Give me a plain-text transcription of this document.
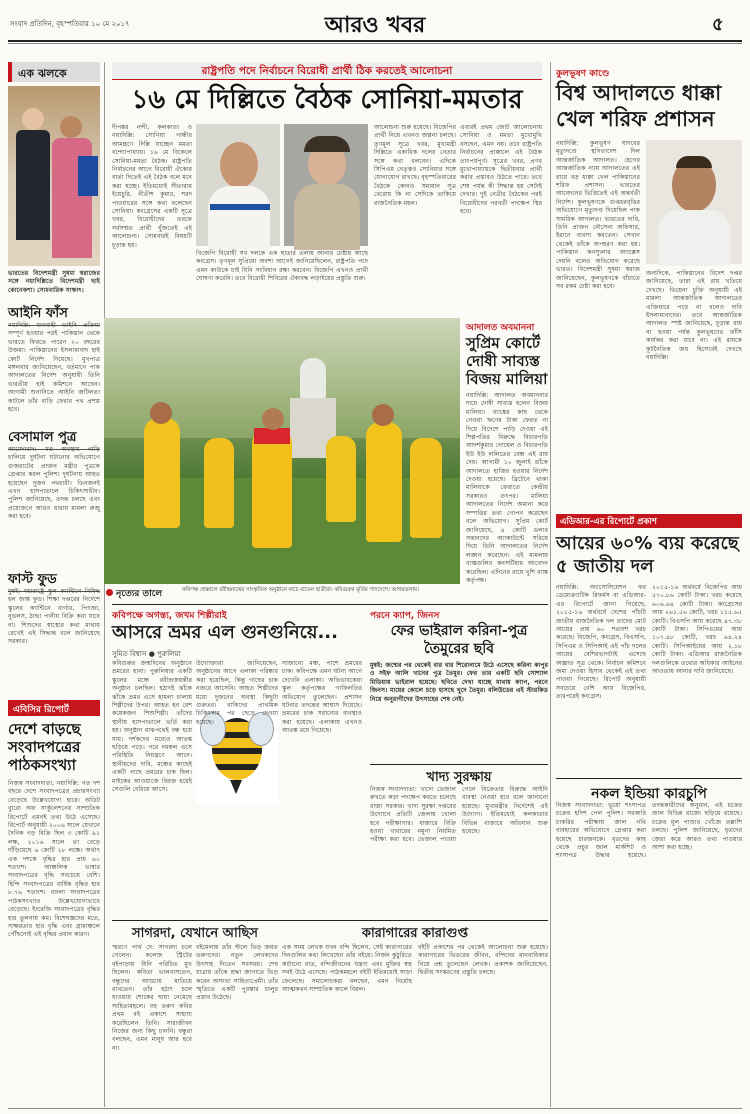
সংবাদ প্রতিদিন, বৃহস্পতিবার ১০ মে ২০১৭	আরও খবর	৫
এক ঝলকে
ভারতের বিদেশমন্ত্রী সুষমা স্বরাজের সঙ্গে নয়াদিল্লিতে বিদেশমন্ত্রী ছাই কোনেকশা। সোমবারিক সাক্ষাৎ।
আইনি ফাঁস
নয়াদিল্লি: যানবাহী ভাইবি প্রক্রিয়া সম্পূর্ণ হওয়ার পরই পাকিস্তান থেকে ভারতে ফিরতে পারেন ২০ বছরের উজমা। পাকিস্তানের ইসলামাবাদ হাই কোর্ট নির্দেশ দিয়েছে। মুখপাত্র মঙ্গলবার জানিয়েছেন, বর্তমানে পাক আদালতের নির্দেশ অনুযায়ী তিনি ভারতীয় হাই কমিশনে আছেন। আগামী শুনানিতে আইনি জটিলতা কাটলে তাঁর বাড়ি ফেরার পথ প্রশস্ত হবে।
বেসামাল পুত্র
আমেদাবাদ: মত্ত অবস্থায় গাড়ি চালিয়ে দুর্ঘটনা ঘটানোর অভিযোগে গুজরাটের প্রাক্তন মন্ত্রীর পুত্রকে গ্রেপ্তার করল পুলিশ। দুর্ঘটনায় আহত হয়েছেন দুজন পথচারী। তিনজনই এখন হাসপাতালে চিকিৎসাধীন। পুলিশ জানিয়েছে, তদন্ত চলছে এবং প্রয়োজনে আরও ধারায় মামলা রুজু করা হবে।
ফাস্ট ফুড
মুম্বই: মহারাষ্ট্রে স্কুল ক্যান্টিনে নিষিদ্ধ হল জাঙ্ক ফুড। শিক্ষা দপ্তরের নির্দেশে স্কুলের ক্যান্টিনে বার্গার, পিৎজা, নুডলস, ঠান্ডা পানীয় বিক্রি করা যাবে না। শিশুদের স্বাস্থ্যের কথা মাথায় রেখেই এই সিদ্ধান্ত বলে জানিয়েছে সরকার।
এবিসির রিপোর্ট
দেশে বাড়ছে সংবাদপত্রের পাঠকসংখ্যা
নিজস্ব সংবাদদাতা, নয়াদিল্লি: গত দশ বছরে দেশে সংবাদপত্রের প্রচারসংখ্যা বেড়েছে উল্লেখযোগ্য হারে। অডিট ব্যুরো অফ সার্কুলেশনের সাম্প্রতিক রিপোর্টে এমনই তথ্য উঠে এসেছে। রিপোর্ট অনুযায়ী ২০০৬ সালে যেখানে দৈনিক গড় বিক্রি ছিল ৩ কোটি ৯১ লক্ষ, ২০১৬ সালে তা বেড়ে দাঁড়িয়েছে ৬ কোটি ২৮ লক্ষে। অর্থাৎ এক দশকে বৃদ্ধির হার প্রায় ৬০ শতাংশ। আঞ্চলিক ভাষার সংবাদপত্রের বৃদ্ধি সবচেয়ে বেশি। হিন্দি সংবাদপত্রের বার্ষিক বৃদ্ধির হার ৮.৭৬ শতাংশ। বাংলা সংবাদপত্রের পাঠকসংখ্যাও উল্লেখযোগ্যভাবে বেড়েছে। ইংরেজি সংবাদপত্রের বৃদ্ধির হার তুলনায় কম। বিশেষজ্ঞদের মতে, সাক্ষরতার হার বৃদ্ধি এবং গ্রামাঞ্চলে পৌঁছনোই এই বৃদ্ধির প্রধান কারণ।
রাষ্ট্রপতি পদে নির্বাচনে বিরোধী প্রার্থী ঠিক করতেই আলোচনা
১৬ মে দিল্লিতে বৈঠক সোনিয়া-মমতার
দীপঙ্কর নন্দী, কলকাতা ও নয়াদিল্লি: সোনিয়া গান্ধীর আমন্ত্রণে দিল্লি যাচ্ছেন মমতা বন্দ্যোপাধ্যায়। ১৬ মে বিকেলে সোনিয়া-মমতা বৈঠক। রাষ্ট্রপতি নির্বাচনের আগে বিরোধী ঐক্যের বার্তা দিতেই এই বৈঠক বলে মনে করা হচ্ছে। ইতিমধ্যেই সীতারাম ইয়েচুরি, নীতীশ কুমার, শরদ পাওয়ারের সঙ্গে কথা বলেছেন সোনিয়া। কংগ্রেসের একটি সূত্রে খবর, বিরোধীদের তরফে সর্বসম্মত প্রার্থী খুঁজতেই এই আলোচনা। সোমবারই বিষয়টি চূড়ান্ত হয়।
বিজেপি বিরোধী সব দলকে এক ছাতার তলায় আনার চেষ্টায় আছে কংগ্রেস। তৃণমূল সুপ্রিমো অবশ্য আগেই জানিয়েছিলেন, রাষ্ট্রপতি পদে এমন কাউকে চাই যিনি সংবিধান রক্ষা করবেন। বিজেপি এখনও প্রার্থী ঘোষণা করেনি। তবে বিরোধী শিবিরের ঐক্যবদ্ধ লড়াইয়ের প্রস্তুতি শুরু।
আলোচনা শুরু হয়েছে। বিজেপির প্রার্থী নিয়ে এখনও জল্পনা চলছে। তৃণমূল সূত্রে খবর, মুখ্যমন্ত্রী দিল্লিতে একাধিক দলের নেতার সঙ্গে কথা বলবেন। এদিকে সিপিএম নেতৃত্বও সোনিয়ার সঙ্গে যোগাযোগ রাখছে। বৃহস্পতিবারের বৈঠকে কোনও সমাধান সূত্র বেরোয় কি না সেদিকে তাকিয়ে রাজনৈতিক মহল।
এবারই প্রথম জোট আলোচনায় সোনিয়া ও মমতা মুখোমুখি বসছেন, এমন নয়। তবে রাষ্ট্রপতি নির্বাচনের প্রাক্কালে এই বৈঠক তাৎপর্যপূর্ণ। সূত্রের খবর, প্রণব মুখোপাধ্যায়কে দ্বিতীয়বার প্রার্থী করার প্রস্তাবও উঠতে পারে। তবে শেষ পর্যন্ত কী সিদ্ধান্ত হয় সেটাই দেখার। দুই নেত্রীর বৈঠকের পরই বিরোধীদের পরবর্তী পদক্ষেপ স্থির হবে।
নৃত্যের তালে	কবিপক্ষ প্রাক্কালে রবীন্দ্রনাথের সাংস্কৃতিক অনুষ্ঠানে নাচে মাতেন ছাত্রীরা। কবিগুরুর মূর্তির পাদদেশে। আগরতলায়।
আদালত অবমাননা
সুপ্রিম কোর্টে দোষী সাব্যস্ত বিজয় মালিয়া
নয়াদিল্লি: আদালত অবমাননার দায়ে দোষী সাব্যস্ত হলেন বিজয় মালিয়া। ব্যাঙ্কের কাছ থেকে নেওয়া ঋণের টাকা ফেরত না দিয়ে বিদেশে পাড়ি দেওয়া এই শিল্পপতির বিরুদ্ধে বিচারপতি আদর্শকুমার গোয়েল ও বিচারপতি ইউ ইউ ললিতের বেঞ্চ এই রায় দেয়। আগামী ১০ জুলাই তাঁকে আদালতে হাজির হওয়ার নির্দেশ দেওয়া হয়েছে। ব্রিটেনে থাকা মালিয়াকে ফেরাতে কেন্দ্রীয় সরকারও তৎপর। মালিয়া আদালতের নির্দেশ অমান্য করে সম্পত্তির তথ্য গোপন করেছেন বলে অভিযোগ। সুপ্রিম কোর্ট জানিয়েছে, ৪ কোটি ডলার সন্তানদের অ্যাকাউন্টে সরিয়ে দিয়ে তিনি আদালতের নির্দেশ লঙ্ঘন করেছেন। এই মামলায় ব্যাঙ্কগুলির কনসর্টিয়াম আবেদন করেছিল। এদিনের রায়ে খুশি ব্যাঙ্ক কর্তৃপক্ষ।
কুলভূষণ কাণ্ডে
বিশ্ব আদালতে ধাক্কা খেল শরিফ প্রশাসন
নয়াদিল্লি: কুলভূষণ যাদবের মৃত্যুদণ্ডে স্থগিতাদেশ দিল আন্তর্জাতিক আদালত। হেগের আন্তর্জাতিক ন্যায় আদালতের এই রায়ে বড় ধাক্কা খেল পাকিস্তানের শরিফ প্রশাসন। ভারতের আবেদনের ভিত্তিতেই এই অন্তর্বর্তী নির্দেশ। কুলভূষণকে গুপ্তচরবৃত্তির অভিযোগে মৃত্যুদণ্ড দিয়েছিল পাক সামরিক আদালত। ভারতের দাবি, তিনি প্রাক্তন নৌসেনা অফিসার, ইরানে ব্যবসা করতেন। সেখান থেকেই তাঁকে অপহরণ করা হয়। পাকিস্তান কনস্যুলার অ্যাক্সেস দেয়নি বলেও অভিযোগ করেছে ভারত। বিদেশমন্ত্রী সুষমা স্বরাজ জানিয়েছেন, কুলভূষণকে বাঁচাতে সব রকম চেষ্টা করা হবে।
অন্যদিকে, পাকিস্তানের বিদেশ দপ্তর জানিয়েছে, তারা এই রায় খতিয়ে দেখছে। ভিয়েনা চুক্তি অনুযায়ী এই মামলা আন্তর্জাতিক আদালতের এক্তিয়ারে পড়ে না বলেও দাবি ইসলামাবাদের। তবে আন্তর্জাতিক আদালত স্পষ্ট জানিয়েছে, চূড়ান্ত রায় না হওয়া পর্যন্ত কুলভূষণের ফাঁসি কার্যকর করা যাবে না। এই রায়কে কূটনৈতিক জয় হিসেবেই দেখছে নয়াদিল্লি।
এডিআর-এর রিপোর্টে প্রকাশ
আয়ের ৬০% ব্যয় করেছে ৫ জাতীয় দল
নয়াদিল্লি: অ্যাসোসিয়েশন ফর ডেমোক্র্যাটিক রিফর্মস বা এডিআর-এর রিপোর্টে জানা গিয়েছে, ২০১৫-১৬ অর্থবর্ষে দেশের পাঁচটি জাতীয় রাজনৈতিক দল তাদের মোট আয়ের প্রায় ৬০ শতাংশ খরচ করেছে। বিজেপি, কংগ্রেস, বিএসপি, সিপিএম ও সিপিআই এই পাঁচ দলের আয়ের বেশিরভাগটাই এসেছে অজ্ঞাত সূত্র থেকে। নির্বাচন কমিশনে জমা দেওয়া হিসাব থেকেই এই তথ্য পাওয়া গিয়েছে। রিপোর্ট অনুযায়ী সবচেয়ে বেশি আয় বিজেপির, তারপরেই কংগ্রেস।
২০১৫-১৬ অর্থবর্ষে বিজেপির আয় ৫৭০.৮৬ কোটি টাকা। খরচ করেছে ৬০৬.৬৪ কোটি টাকা। কংগ্রেসের আয় ২৬১.৫৬ কোটি, খরচ ১১৫.৬৫ কোটি। বিএসপি আয় করেছে ৪৭.৩৮ কোটি টাকা। সিপিএমের আয় ১০৭.৪৮ কোটি, খরচ ৯৪.২৪ কোটি। সিপিআইয়ের আয় ২.১৮ কোটি টাকা। এডিআর রাজনৈতিক দলগুলিকে তথ্যের অধিকার আইনের আওতায় আনার দাবি জানিয়েছে।
নকল ইন্ডিয়া কারচুপি
নিজস্ব সংবাদদাতা: ভুয়ো শংসাপত্র চক্রের হদিশ পেল পুলিশ। সরকারি চাকরির পরীক্ষায় জাল নথি ব্যবহারের অভিযোগে গ্রেপ্তার করা হয়েছে চারজনকে। ধৃতদের কাছ থেকে প্রচুর জাল মার্কশিট ও শংসাপত্র উদ্ধার হয়েছে। তদন্তকারীদের অনুমান, এই চক্রের জাল বিভিন্ন রাজ্যে ছড়িয়ে রয়েছে। চক্রের মূল পাণ্ডার খোঁজে তল্লাশি চলছে। পুলিশ জানিয়েছে, ধৃতদের জেরা করে আরও তথ্য পাওয়ার আশা করা হচ্ছে।
কবিপক্ষে অগস্ত্য, জখম শিল্পীরাই
আসরে ভ্রমর এল গুনগুনিয়ে...
সুমিত বিশ্বাস ● পুরুলিয়া
কবিগুরুর জন্মদিনের অনুষ্ঠানে ভ্রমরের হানা। পুরুলিয়ার একটি স্কুলের মঞ্চে রবীন্দ্রজয়ন্তীর অনুষ্ঠান চলছিল। হঠাৎই ঝাঁকে ঝাঁকে ভ্রমর এসে হামলা চালায় শিল্পীদের উপর। আহত হন বেশ কয়েকজন শিশুশিল্পী। তাঁদের স্থানীয় হাসপাতালে ভর্তি করা হয়। অনুষ্ঠান মাঝপথেই বন্ধ হয়ে যায়। দর্শকদের মধ্যেও আতঙ্ক ছড়িয়ে পড়ে। পরে দমকল এসে পরিস্থিতি নিয়ন্ত্রণে আনে। স্থানীয়দের দাবি, মঞ্চের কাছেই একটি গাছে ভ্রমরের চাক ছিল। মাইকের আওয়াজে বিরক্ত হয়েই সেগুলি বেরিয়ে আসে।
উদ্যোক্তারা জানিয়েছেন, অনুষ্ঠানের আগে এলাকা পরিষ্কার করা হয়েছিল, কিন্তু গাছের চাক নজরে আসেনি। আহত শিল্পীদের মধ্যে দুজনের অবস্থা কিছুটা গুরুতর। বাকিদের প্রাথমিক চিকিৎসার পর ছেড়ে দেওয়া হয়েছে।
সাজানো মঞ্চ, পাশে ভ্রমরের চাক। কবিপক্ষে এমন ঘটনা আগে দেখেনি এলাকা। অভিভাবকেরা স্কুল কর্তৃপক্ষের গাফিলতির অভিযোগ তুলেছেন। প্রশাসন ঘটনার তদন্তের আশ্বাস দিয়েছে। ভ্রমরের চাক সরানোর ব্যবস্থাও করা হয়েছে। এলাকায় এখনও আতঙ্ক রয়ে গিয়েছে।
পরনে ক্যাপ, জিনস
ফের ভাইরাল করিনা-পুত্র তৈমুরের ছবি
মুম্বই: জন্মের পর থেকেই বার বার শিরোনামে উঠে এসেছে করিনা কাপুর ও সইফ আলি খানের পুত্র তৈমুর। ফের তার একটি ছবি সোশ্যাল মিডিয়ায় ভাইরাল হয়েছে। ছবিতে দেখা যাচ্ছে মাথায় ক্যাপ, পরনে জিনস। মায়ের কোলে চড়ে হাসছে খুদে তৈমুর। বলিউডের এই স্টারকিড নিয়ে অনুরাগীদের উৎসাহের শেষ নেই।
খাদ্য সুরক্ষায়
নিজস্ব সংবাদদাতা: খাদ্যে ভেজাল রুখতে কড়া পদক্ষেপ করতে চলেছে রাজ্য সরকার। খাদ্য সুরক্ষা দপ্তরের উদ্যোগে প্রতিটি জেলায় খোলা হবে পরীক্ষাগার। বাজারে বিক্রি হওয়া খাবারের নমুনা নিয়মিত পরীক্ষা করা হবে। ভেজাল পাওয়া গেলে বিক্রেতার বিরুদ্ধে আইনি ব্যবস্থা নেওয়া হবে বলে জানানো হয়েছে। মুখ্যমন্ত্রীর নির্দেশেই এই উদ্যোগ। ইতিমধ্যেই কলকাতার বিভিন্ন বাজারে অভিযান শুরু হয়েছে।
সাগরদা, যেখানে আছিস
স্মরণে পার্থ দে: সাগরদা চলে গেলেন। কলেজ স্ট্রিটের বইপাড়ায় যিনি পরিচিত মুখ ছিলেন। কবিতা ভালবাসতেন, বন্ধুদের আড্ডায় মাতিয়ে রাখতেন। তাঁর হঠাৎ চলে যাওয়ায় শোকের ছায়া নেমেছে সাহিত্যমহলে। বহু তরুণ কবির প্রথম বই প্রকাশে সাহায্য করেছিলেন তিনি। সারাজীবন নিজের জন্য কিছু চাননি। বন্ধুরা বলছেন, এমন মানুষ আর হবে না।
বইমেলায় তাঁর স্টলে ভিড় জমত তরুণদের। নতুন লেখকদের উৎসাহ দিতেন সবসময়। শেষ যাত্রায় তাঁকে শ্রদ্ধা জানাতে ভিড় করেন অসংখ্য সাহিত্যপ্রেমী। তাঁর স্মৃতিতে একটি পুরস্কার চালুর প্রস্তাব উঠেছে।
কারাগারের কারাগুপ্ত
এক সময় লেখক যখন বন্দি ছিলেন, সেই কারাগারের দিনগুলির কথা লিখেছেন তাঁর বইয়ে। নির্জন কুঠুরিতে কাটানো রাত, বন্দিজীবনের যন্ত্রণা এবং মুক্তির স্বপ্ন সবই উঠে এসেছে। পাঠকমহলে বইটি ইতিমধ্যেই সাড়া ফেলেছে। সমালোচকরা বলছেন, এমন নির্মোহ আত্মকথন সাম্প্রতিক কালে বিরল।
বইটি প্রকাশের পর থেকেই আলোচনা শুরু হয়েছে। কারাগারের ভিতরের জীবন, বন্দিদের মানবাধিকার নিয়ে প্রশ্ন তুলেছেন লেখক। প্রকাশক জানিয়েছেন, দ্বিতীয় সংস্করণের প্রস্তুতি চলছে।
